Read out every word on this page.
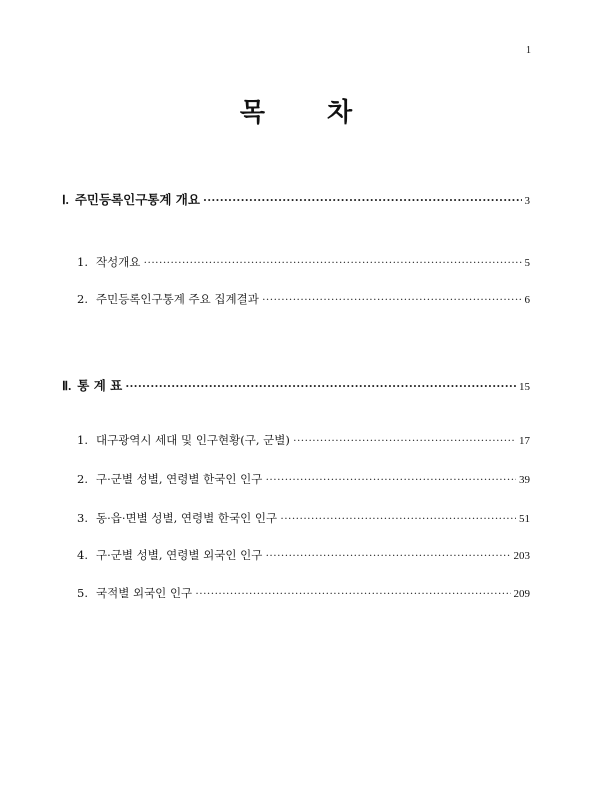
1
목 차
Ⅰ. 주민등록인구통계 개요 ·····	3
1. 작성개요 ·····	5
2. 주민등록인구통계 주요 집계결과 ·····	6
Ⅱ. 통 계 표 ·····	15
1. 대구광역시 세대 및 인구현황(구, 군별) ·····	17
2. 구·군별 성별, 연령별 한국인 인구 ·····	39
3. 동·읍·면별 성별, 연령별 한국인 인구 ·····	51
4. 구·군별 성별, 연령별 외국인 인구 ·····	203
5. 국적별 외국인 인구 ·····	209
